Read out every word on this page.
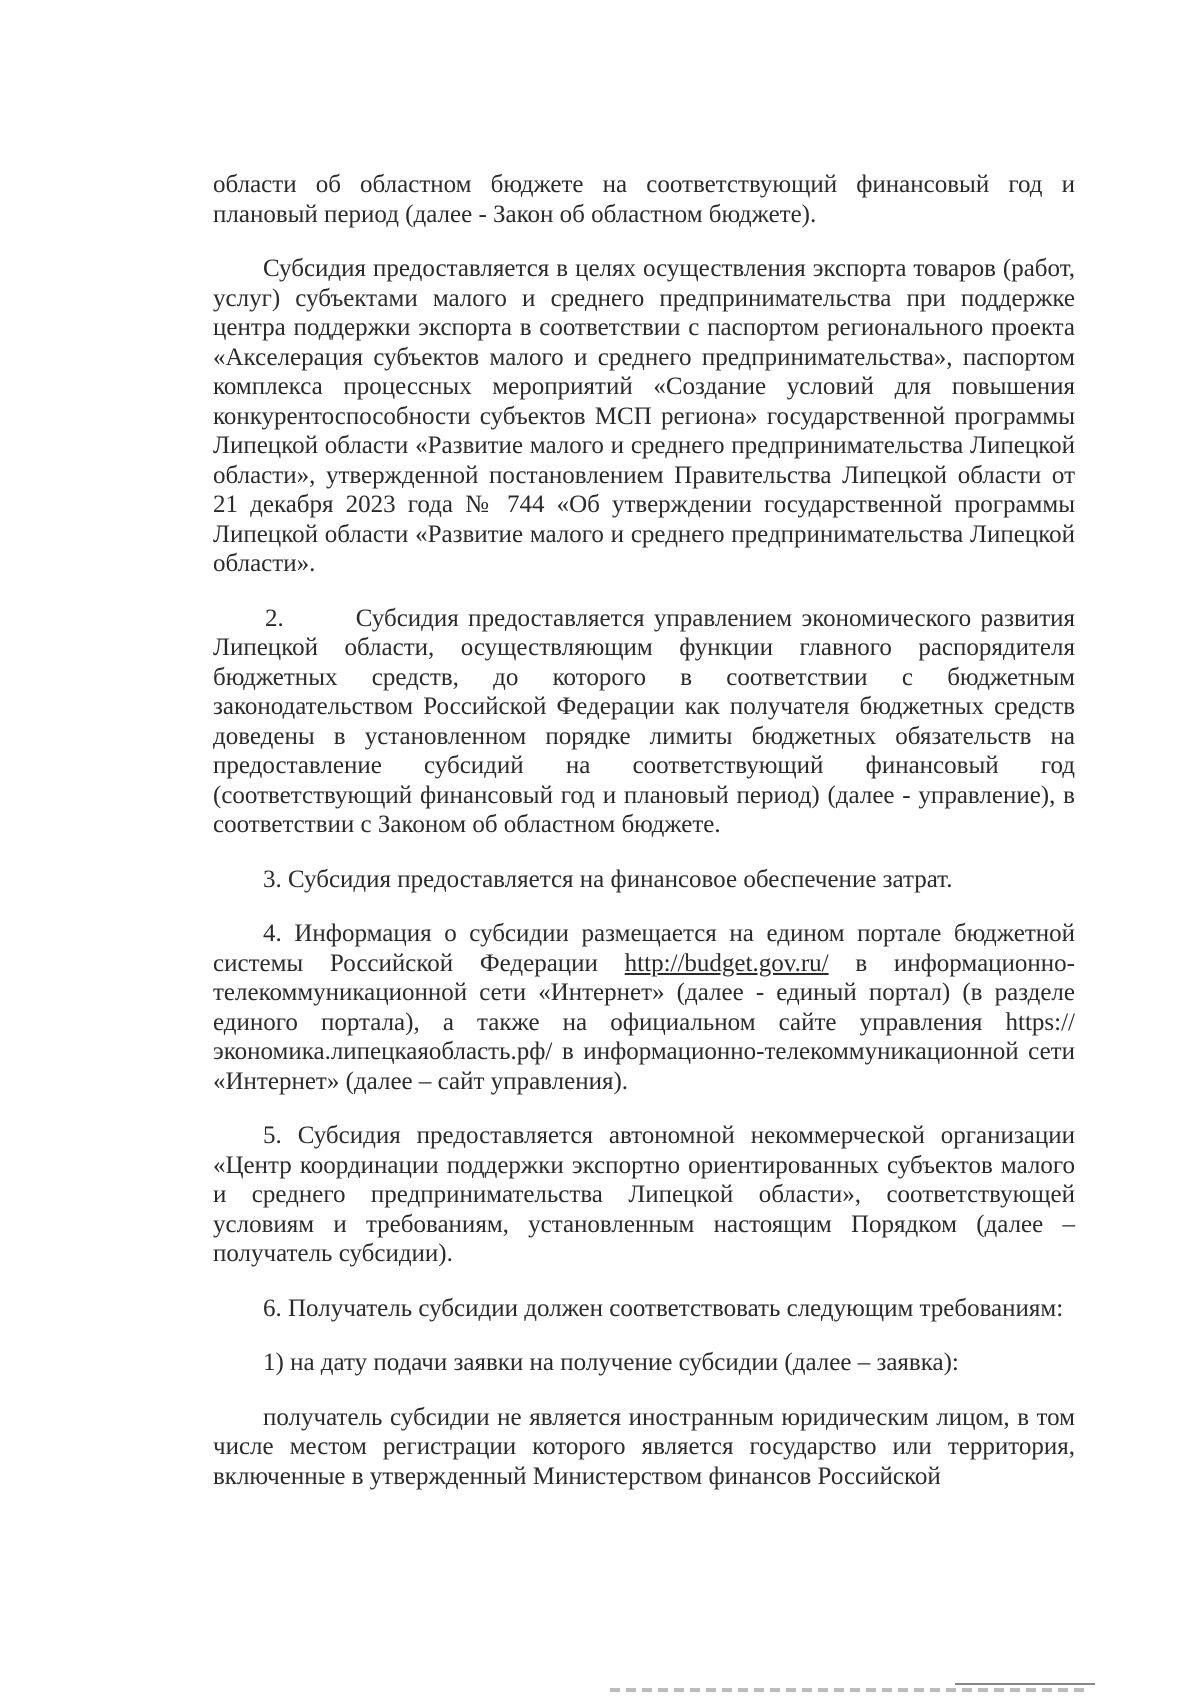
области об областном бюджете на соответствующий финансовый год и плановый период (далее - Закон об областном бюджете).

Субсидия предоставляется в целях осуществления экспорта товаров (работ, услуг) субъектами малого и среднего предпринимательства при поддержке центра поддержки экспорта в соответствии с паспортом регионального проекта «Акселерация субъектов малого и среднего предпринимательства», паспортом комплекса процессных мероприятий «Создание условий для повышения конкурентоспособности субъектов МСП региона» государственной программы Липецкой области «Развитие малого и среднего предпринимательства Липецкой области», утвержденной постановлением Правительства Липецкой области от 21 декабря 2023 года № 744 «Об утверждении государственной программы Липецкой области «Развитие малого и среднего предпринимательства Липецкой области».

2.	Субсидия предоставляется управлением экономического развития Липецкой области, осуществляющим функции главного распорядителя бюджетных средств, до которого в соответствии с бюджетным законодательством Российской Федерации как получателя бюджетных средств доведены в установленном порядке лимиты бюджетных обязательств на предоставление субсидий на соответствующий финансовый год (соответствующий финансовый год и плановый период) (далее - управление), в соответствии с Законом об областном бюджете.

3. Субсидия предоставляется на финансовое обеспечение затрат.

4. Информация о субсидии размещается на едином портале бюджетной системы Российской Федерации http://budget.gov.ru/ в информационно-телекоммуникационной сети «Интернет» (далее - единый портал) (в разделе единого портала), а также на официальном сайте управления https://экономика.липецкаяобласть.рф/ в информационно-телекоммуникационной сети «Интернет» (далее – сайт управления).

5. Субсидия предоставляется автономной некоммерческой организации «Центр координации поддержки экспортно ориентированных субъектов малого и среднего предпринимательства Липецкой области», соответствующей условиям и требованиям, установленным настоящим Порядком (далее – получатель субсидии).

6. Получатель субсидии должен соответствовать следующим требованиям:

1) на дату подачи заявки на получение субсидии (далее – заявка):

получатель субсидии не является иностранным юридическим лицом, в том числе местом регистрации которого является государство или территория, включенные в утвержденный Министерством финансов Российской
